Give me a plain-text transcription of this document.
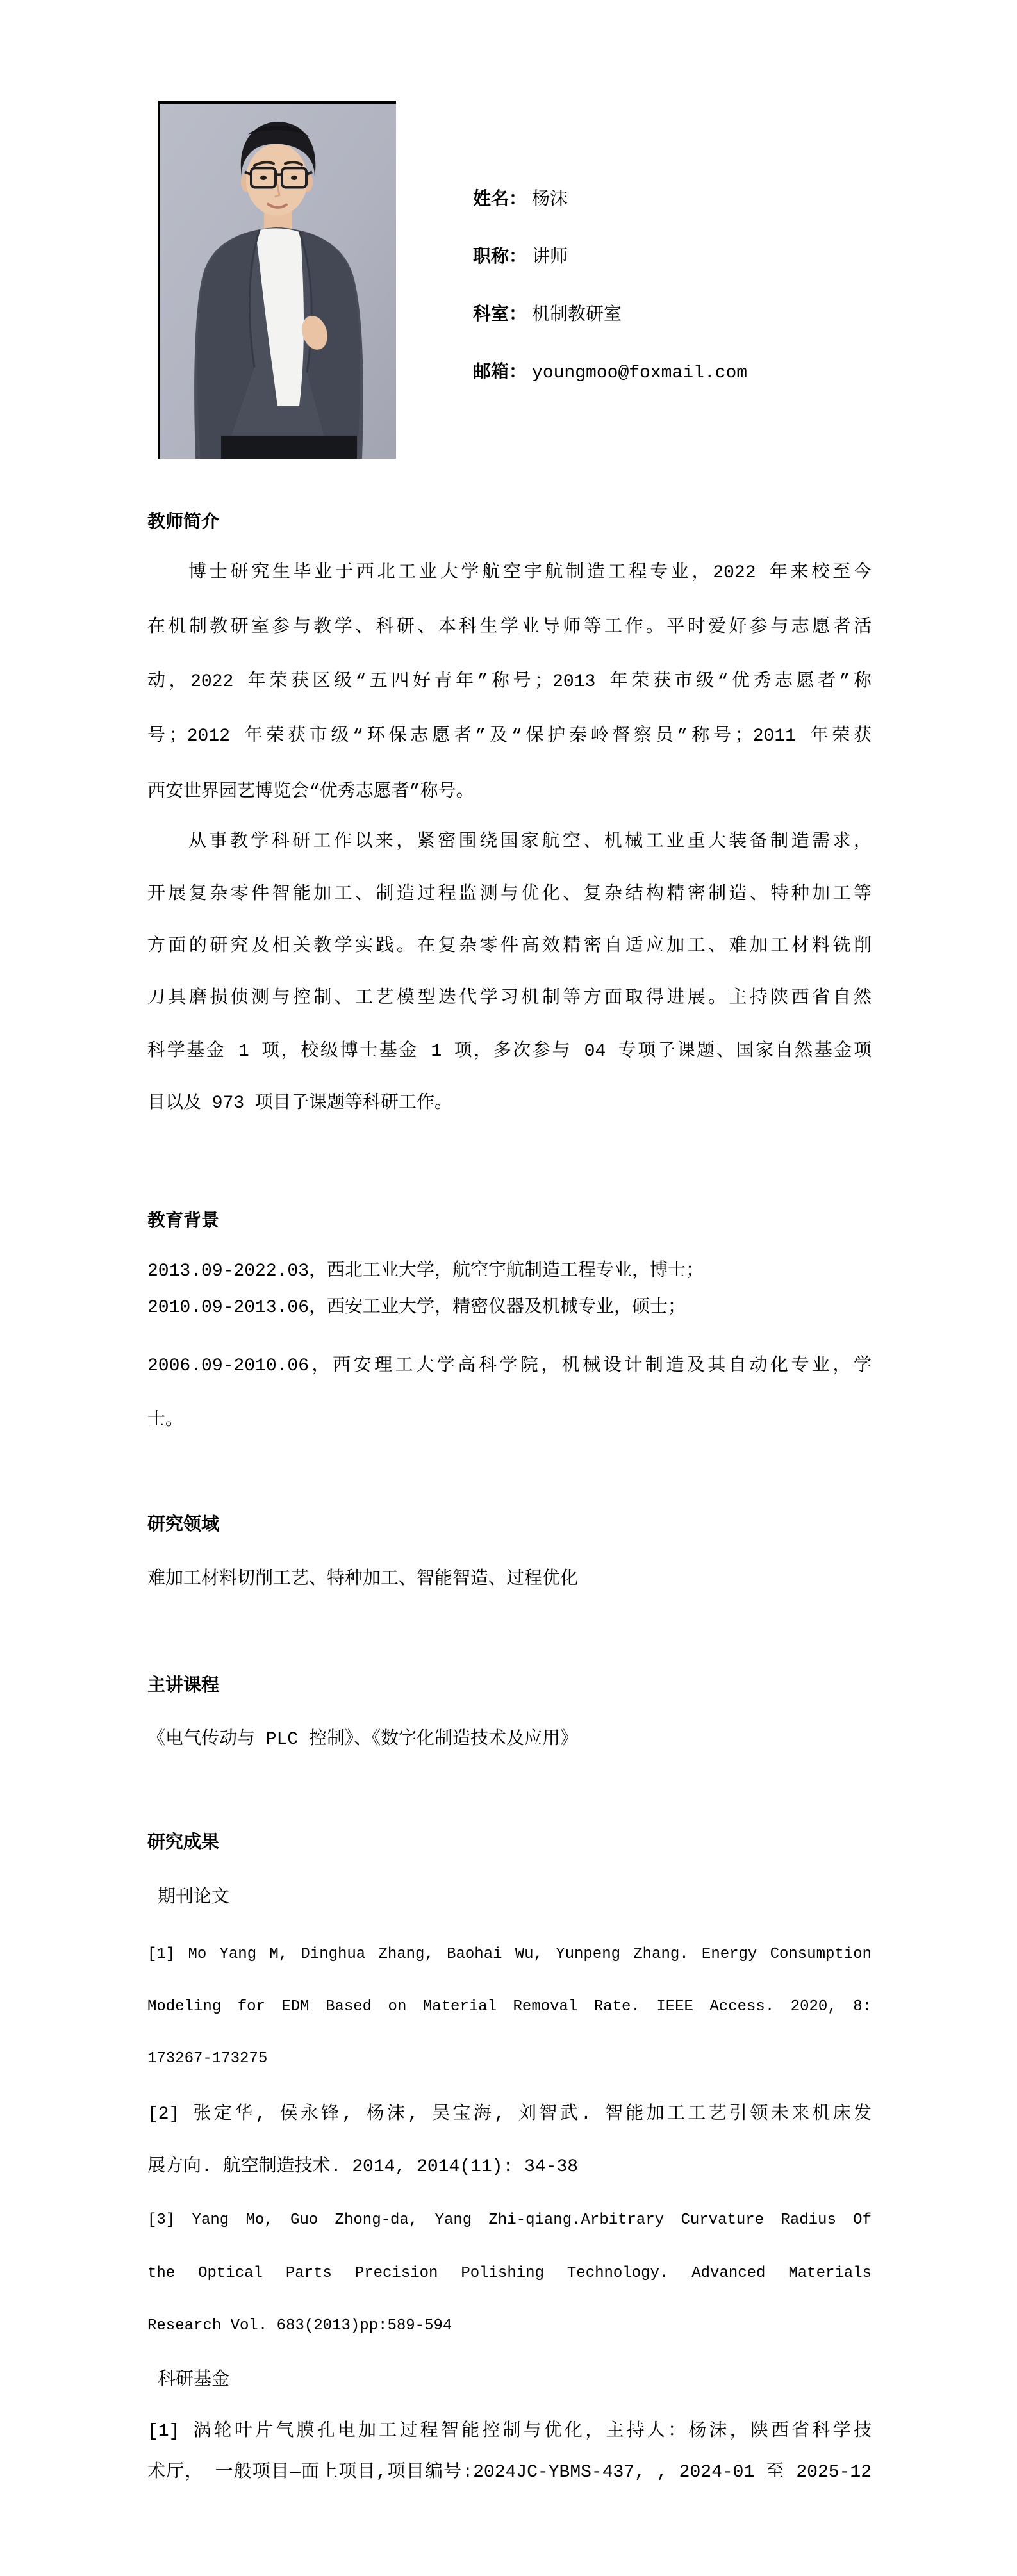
姓名： 杨沫
职称： 讲师
科室： 机制教研室
邮箱： youngmoo@foxmail.com
教师简介
博士研究生毕业于西北工业大学航空宇航制造工程专业，2022 年来校至今
在机制教研室参与教学、科研、本科生学业导师等工作。平时爱好参与志愿者活
动，2022 年荣获区级“五四好青年”称号；2013 年荣获市级“优秀志愿者”称
号；2012 年荣获市级“环保志愿者”及“保护秦岭督察员”称号；2011 年荣获
西安世界园艺博览会“优秀志愿者”称号。
从事教学科研工作以来，紧密围绕国家航空、机械工业重大装备制造需求，
开展复杂零件智能加工、制造过程监测与优化、复杂结构精密制造、特种加工等
方面的研究及相关教学实践。在复杂零件高效精密自适应加工、难加工材料铣削
刀具磨损侦测与控制、工艺模型迭代学习机制等方面取得进展。主持陕西省自然
科学基金 1 项，校级博士基金 1 项，多次参与 04 专项子课题、国家自然基金项
目以及 973 项目子课题等科研工作。
教育背景
2013.09-2022.03，西北工业大学，航空宇航制造工程专业，博士；
2010.09-2013.06，西安工业大学，精密仪器及机械专业，硕士；
2006.09-2010.06，西安理工大学高科学院，机械设计制造及其自动化专业，学
士。
研究领域
难加工材料切削工艺、特种加工、智能智造、过程优化
主讲课程
《电气传动与 PLC 控制》、《数字化制造技术及应用》
研究成果
期刊论文
[1] Mo Yang M, Dinghua Zhang, Baohai Wu, Yunpeng Zhang. Energy Consumption
Modeling for EDM Based on Material Removal Rate. IEEE Access. 2020, 8:
173267-173275
[2] 张定华, 侯永锋, 杨沫, 吴宝海, 刘智武. 智能加工工艺引领未来机床发
展方向. 航空制造技术. 2014, 2014(11): 34-38
[3] Yang Mo, Guo Zhong-da, Yang Zhi-qiang.Arbitrary Curvature Radius Of
the Optical Parts Precision Polishing Technology. Advanced Materials
Research Vol. 683(2013)pp:589-594
科研基金
[1] 涡轮叶片气膜孔电加工过程智能控制与优化，主持人：杨沫，陕西省科学技
术厅， 一般项目—面上项目,项目编号:2024JC-YBMS-437, , 2024-01 至 2025-12
